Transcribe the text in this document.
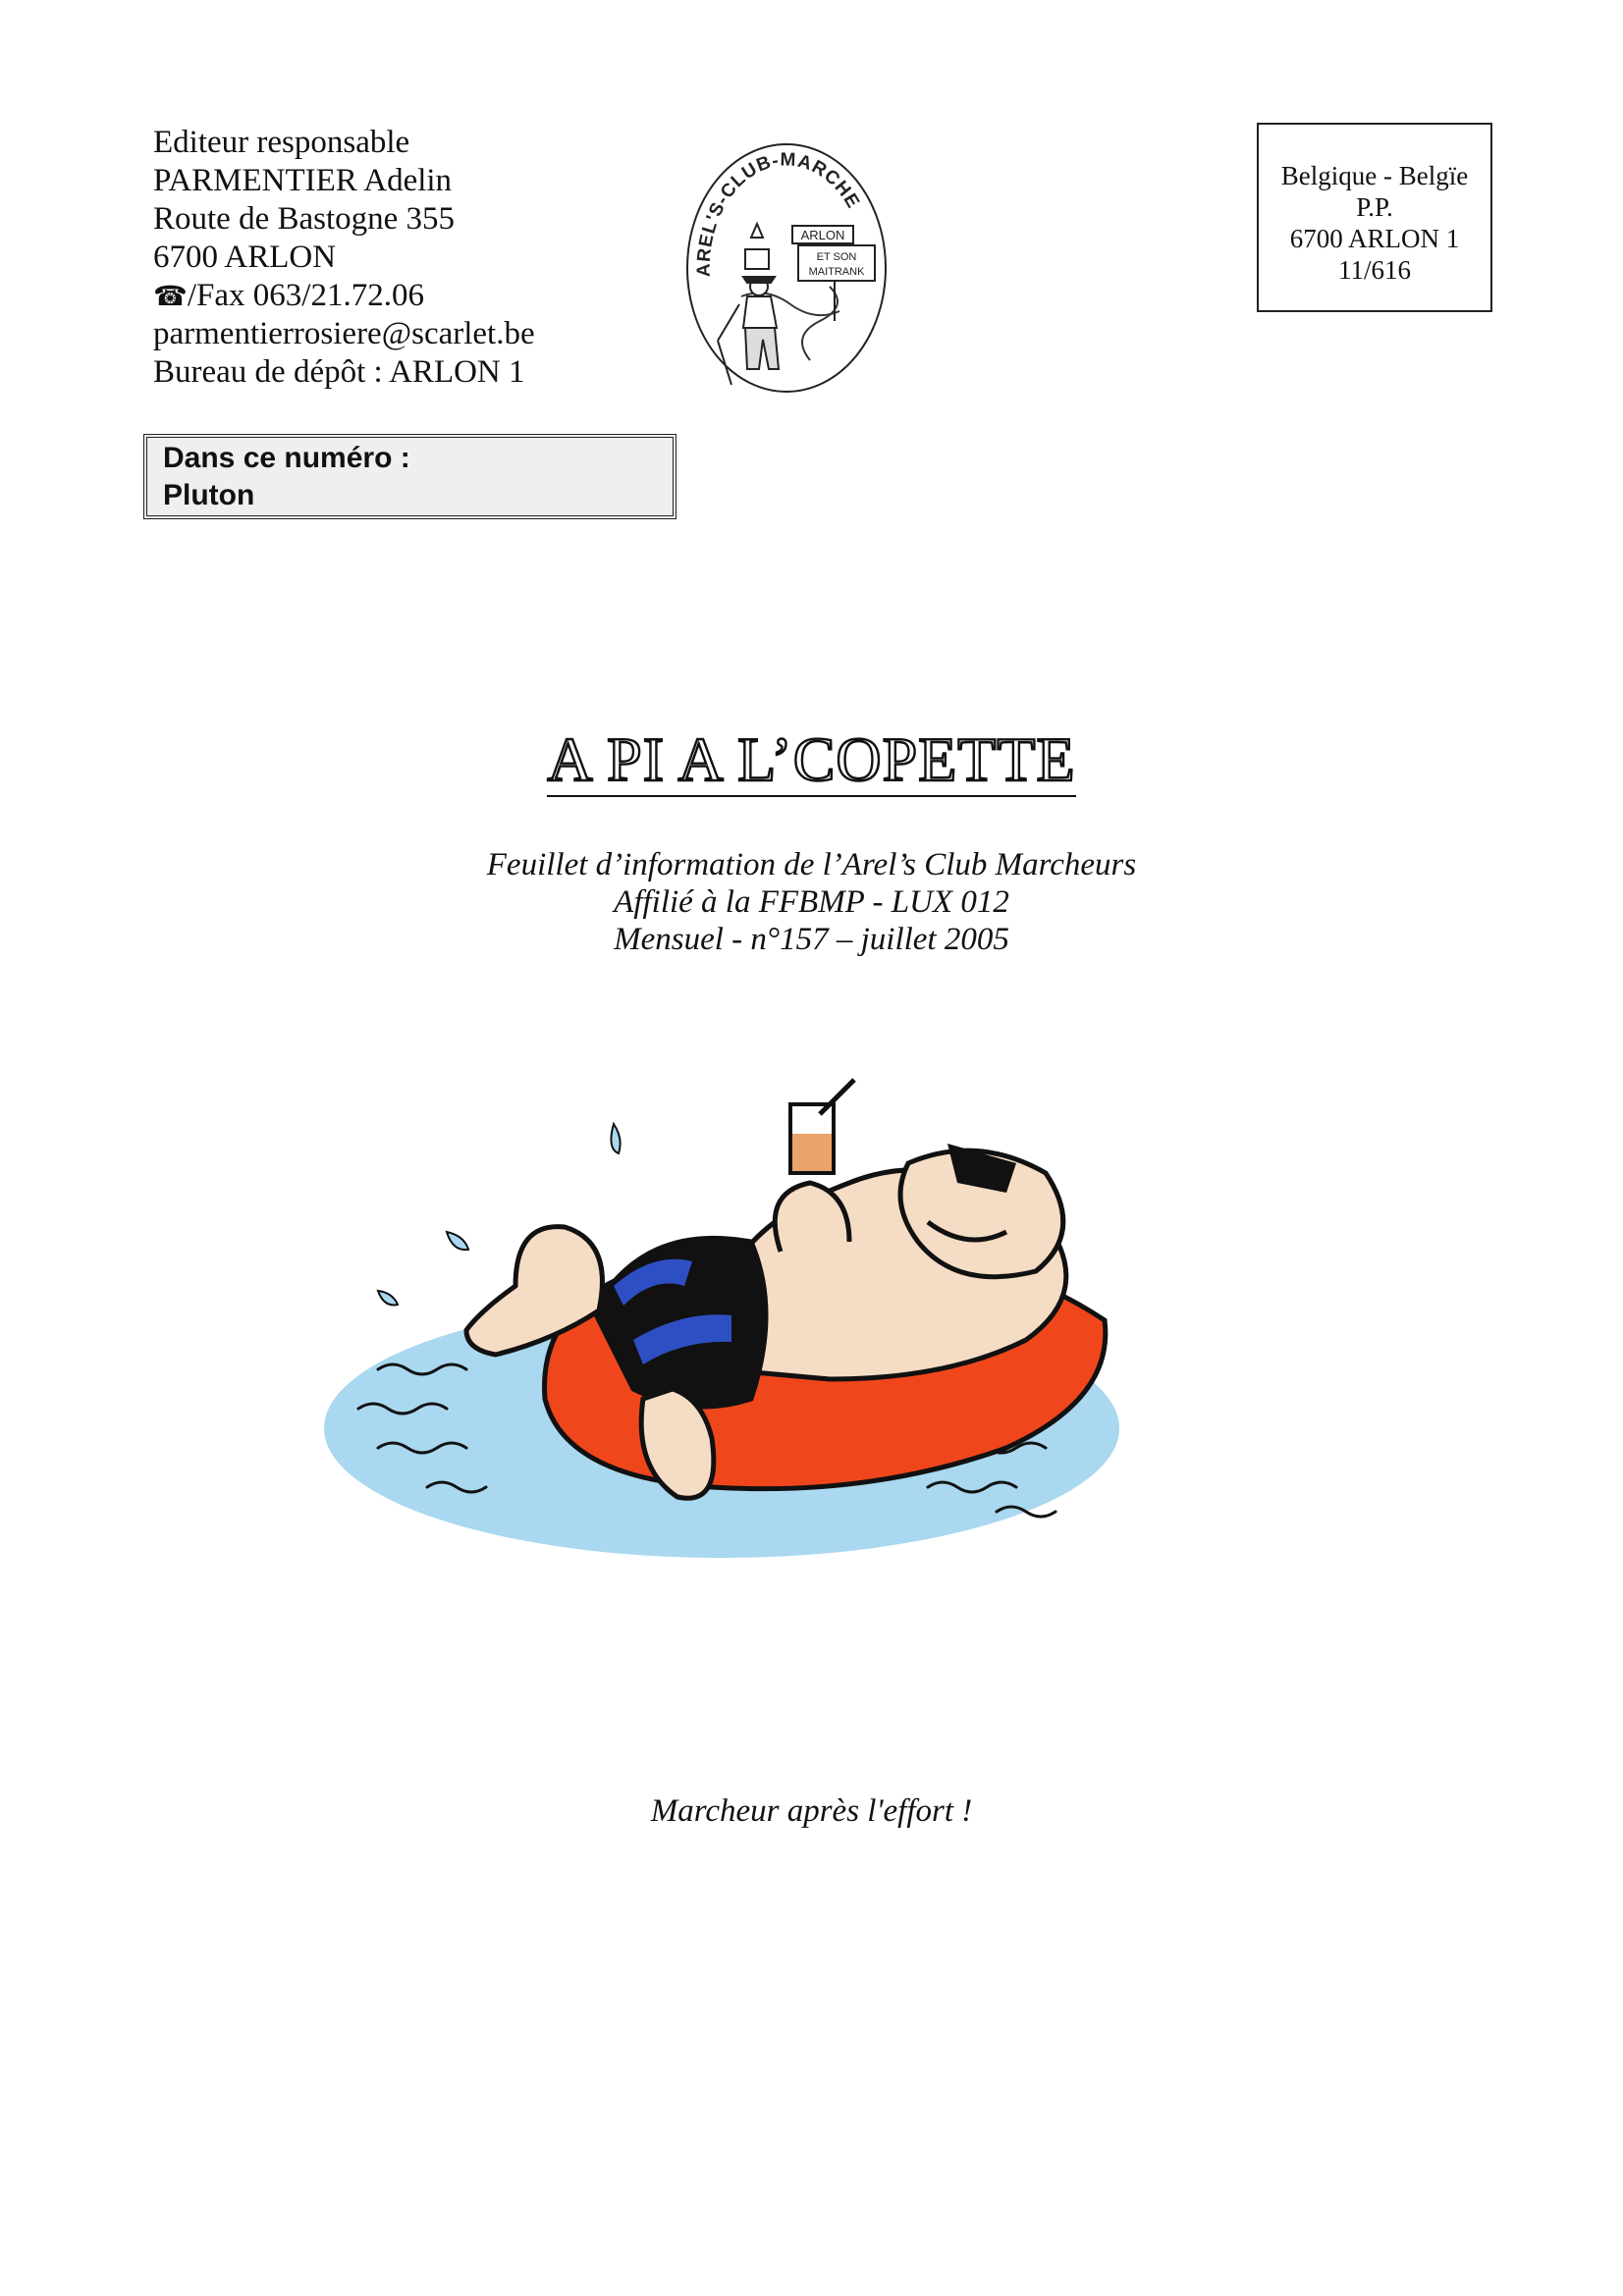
Editeur responsable
PARMENTIER Adelin
Route de Bastogne 355
6700 ARLON
☎/Fax 063/21.72.06
parmentierrosiere@scarlet.be
Bureau de dépôt : ARLON 1
AREL'S-CLUB-MARCHE
ARLON
ET SON
MAITRANK
Belgique - Belgïe
P.P.
6700 ARLON 1
11/616
Dans ce numéro :
Pluton
A PI A L’COPETTE
Feuillet d’information de l’Arel’s Club Marcheurs
Affilié à la FFBMP - LUX 012
Mensuel - n°157 – juillet 2005
Marcheur après l'effort !
